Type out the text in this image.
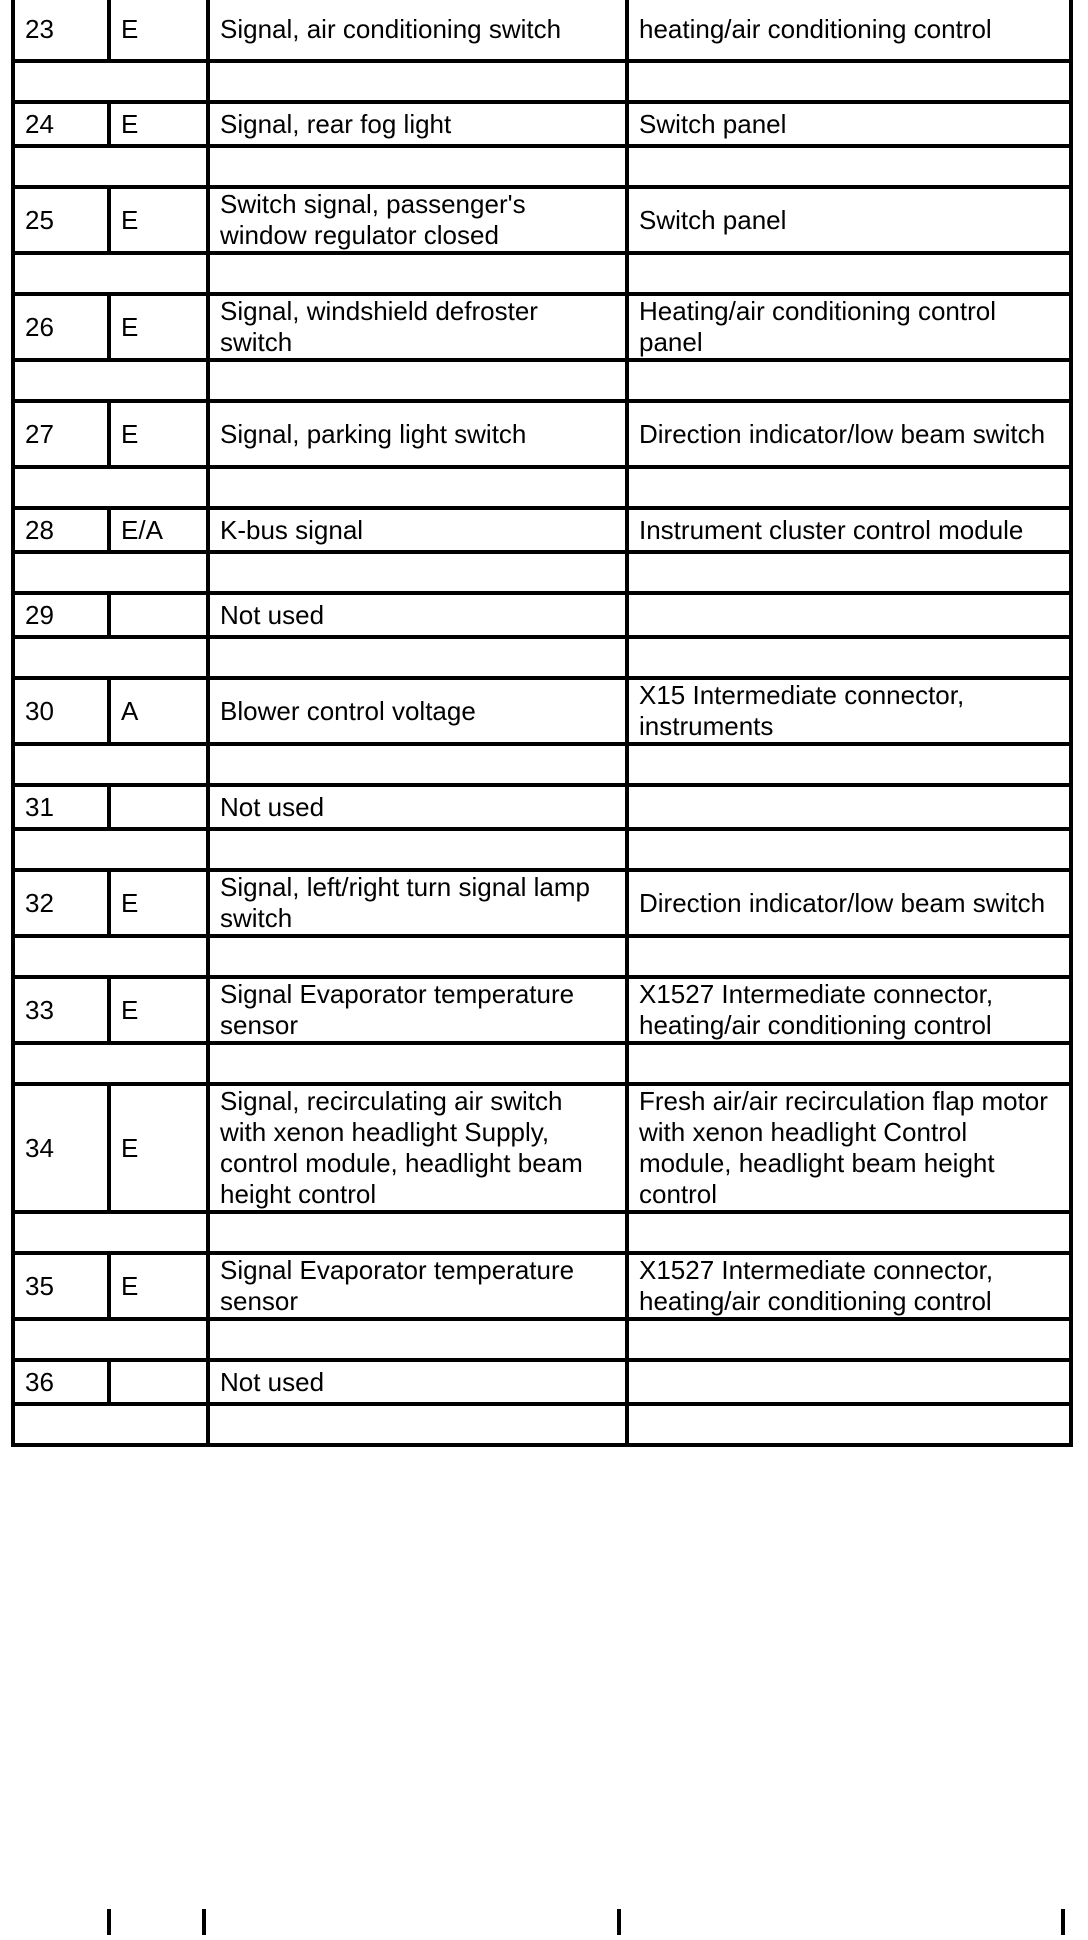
23	E	Signal, air conditioning switch	heating/air conditioning control

24	E	Signal, rear fog light	Switch panel

25	E	Switch signal, passenger's window regulator closed	Switch panel

26	E	Signal, windshield defroster switch	Heating/air conditioning control panel

27	E	Signal, parking light switch	Direction indicator/low beam switch

28	E/A	K-bus signal	Instrument cluster control module

29		Not used	

30	A	Blower control voltage	X15 Intermediate connector, instruments

31		Not used	

32	E	Signal, left/right turn signal lamp switch	Direction indicator/low beam switch

33	E	Signal Evaporator temperature sensor	X1527 Intermediate connector, heating/air conditioning control

34	E	Signal, recirculating air switch with xenon headlight Supply, control module, headlight beam height control	Fresh air/air recirculation flap motor with xenon headlight Control module, headlight beam height control

35	E	Signal Evaporator temperature sensor	X1527 Intermediate connector, heating/air conditioning control

36		Not used	
